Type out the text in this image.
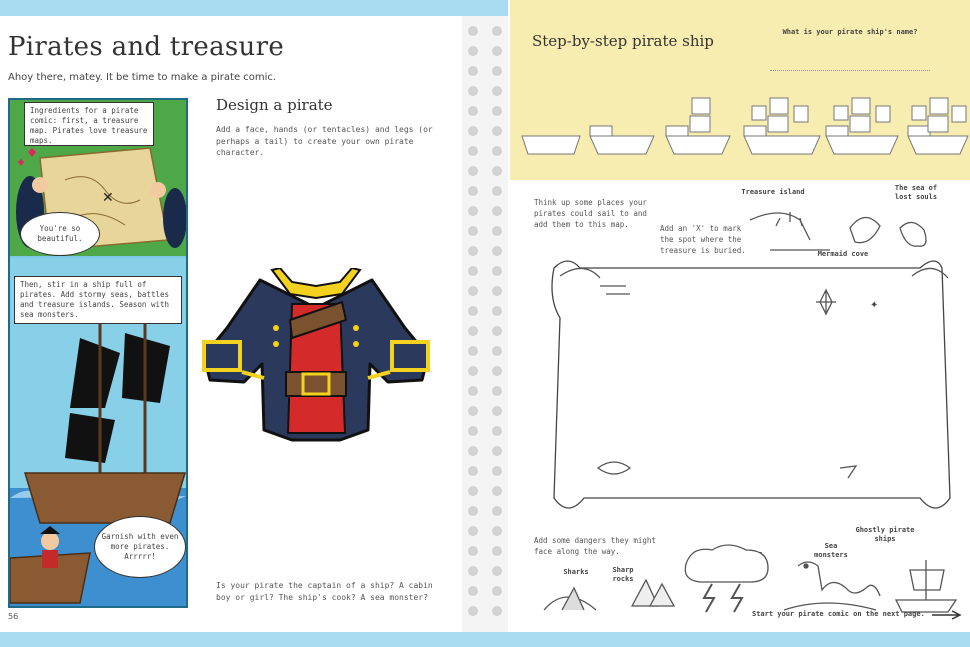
Pirates and treasure
Ahoy there, matey. It be time to make a pirate comic.
✕
Ingredients for a pirate comic: first, a treasure map. Pirates love treasure maps.
You're so beautiful.
Then, stir in a ship full of pirates. Add stormy seas, battles and treasure islands. Season with sea monsters.
Garnish with even more pirates. Arrrrr!
Design a pirate
Add a face, hands (or tentacles) and legs (or perhaps a tail) to create your own pirate character.
Is your pirate the captain of a ship? A cabin boy or girl? The ship's cook? A sea monster?
56
Step-by-step pirate ship	What is your pirate ship's name?
Think up some places your pirates could sail to and add them to this map.	Add an 'X' to mark the spot where the treasure is buried.
Treasure island
Mermaid cove
The sea of lost souls
✦
Add some dangers they might face along the way.
Sharks	Sharp rocks
Sea monsters
Ghostly pirate ships
Start your pirate comic on the next page.
